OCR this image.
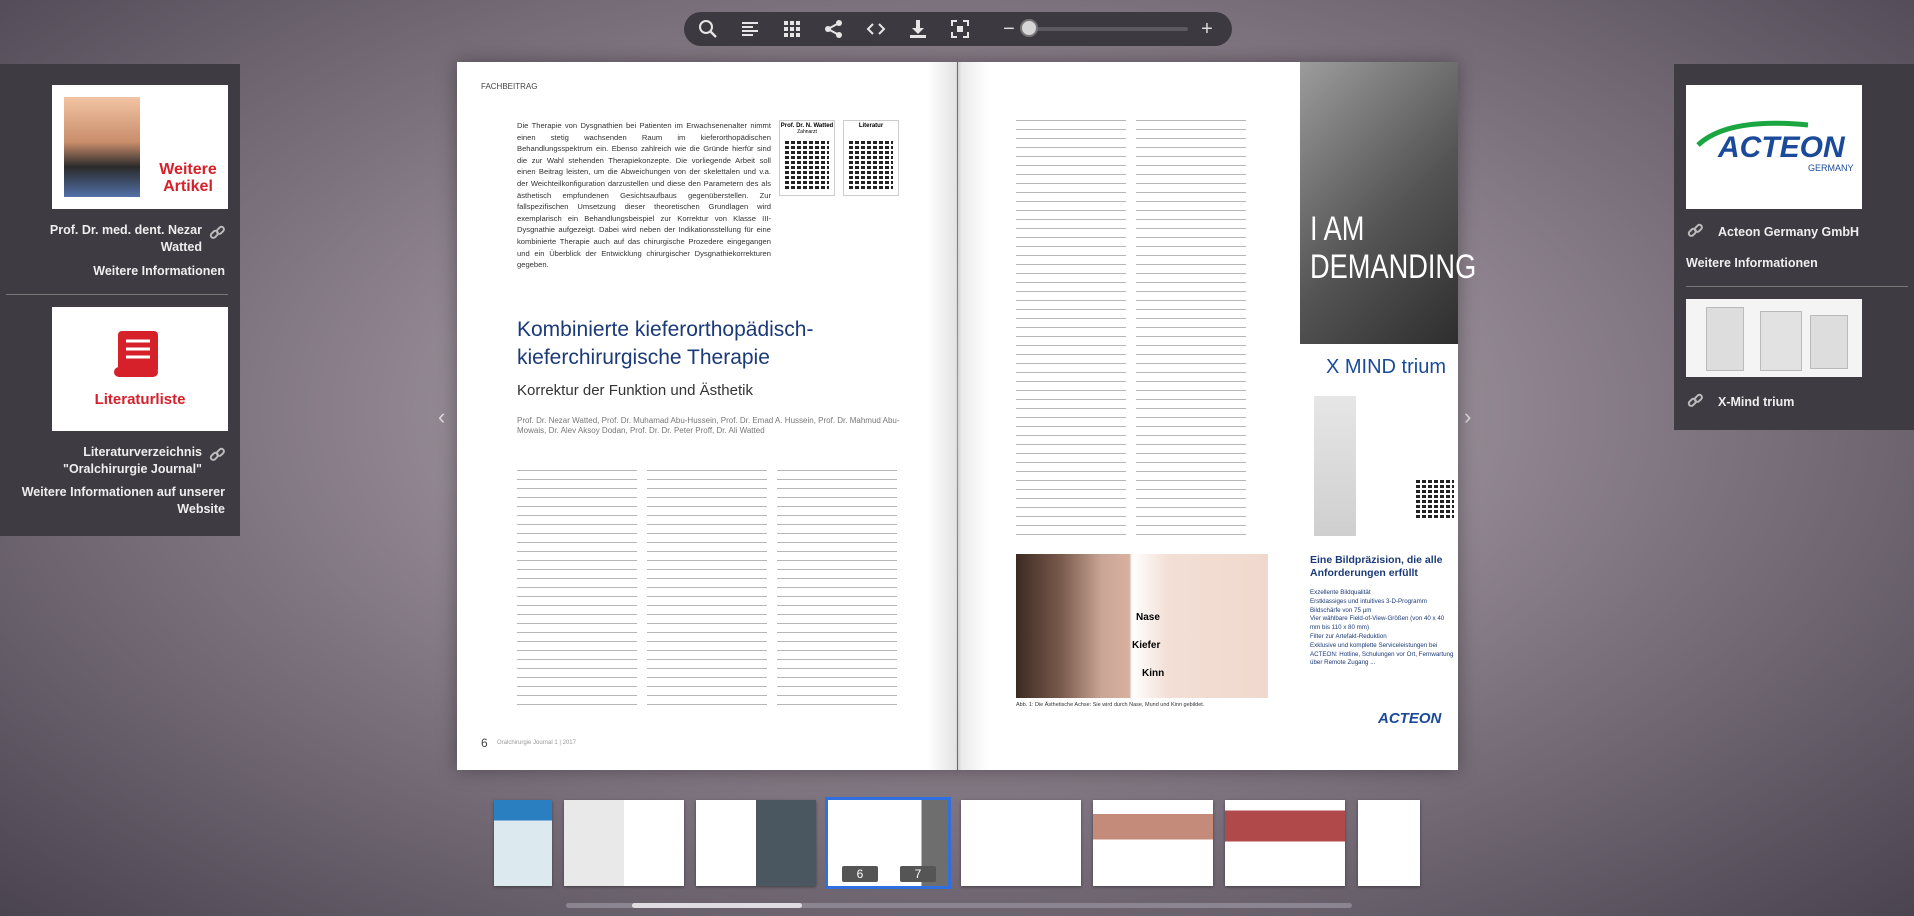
−	+
Weitere Artikel
Prof. Dr. med. dent. Nezar Watted
Weitere Informationen
Literaturliste
Literaturverzeichnis "Oralchirurgie Journal"
Weitere Informationen auf unserer Website
ACTEON
GERMANY
Acteon Germany GmbH
Weitere Informationen
X-Mind trium
‹	›
FACHBEITRAG
Die Therapie von Dysgnathien bei Patienten im Erwachsenenalter nimmt einen stetig wachsenden Raum im kieferorthopädischen Behandlungsspektrum ein. Ebenso zahlreich wie die Gründe hierfür sind die zur Wahl stehenden Therapiekonzepte. Die vorliegende Arbeit soll einen Beitrag leisten, um die Abweichungen von der skelettalen und v.a. der Weichteilkonfiguration darzustellen und diese den Parametern des als ästhetisch empfundenen Gesichtsaufbaus gegenüberstellen. Zur fallspezifischen Umsetzung dieser theoretischen Grundlagen wird exemplarisch ein Behandlungsbeispiel zur Korrektur von Klasse III-Dysgnathie aufgezeigt. Dabei wird neben der Indikationsstellung für eine kombinierte Therapie auch auf das chirurgische Prozedere eingegangen und ein Überblick der Entwicklung chirurgischer Dysgnathiekorrekturen gegeben.
Prof. Dr. N. Watted
Zahnarzt
Literatur
Kombinierte kieferorthopädisch-kieferchirurgische Therapie
Korrektur der Funktion und Ästhetik
Prof. Dr. Nezar Watted, Prof. Dr. Muhamad Abu-Hussein, Prof. Dr. Emad A. Hussein, Prof. Dr. Mahmud Abu-Mowais, Dr. Alev Aksoy Dodan, Prof. Dr. Dr. Peter Proff, Dr. Ali Watted
6 Oralchirurgie Journal 1 | 2017
Nase
Kiefer
Kinn
Abb. 1: Die Ästhetische Achse: Sie wird durch Nase, Mund und Kinn gebildet.
I AM DEMANDING
X MIND trium
Eine Bildpräzision, die alle Anforderungen erfüllt
Exzellente Bildqualität
Erstklassiges und intuitives 3-D-Programm
Bildschärfe von 75 µm
Vier wählbare Field-of-View-Größen (von 40 x 40 mm bis 110 x 80 mm)
Filter zur Artefakt-Reduktion
Exklusive und komplette Serviceleistungen bei ACTEON: Hotline, Schulungen vor Ort, Fernwartung über Remote Zugang ...
ACTEON
6	7
